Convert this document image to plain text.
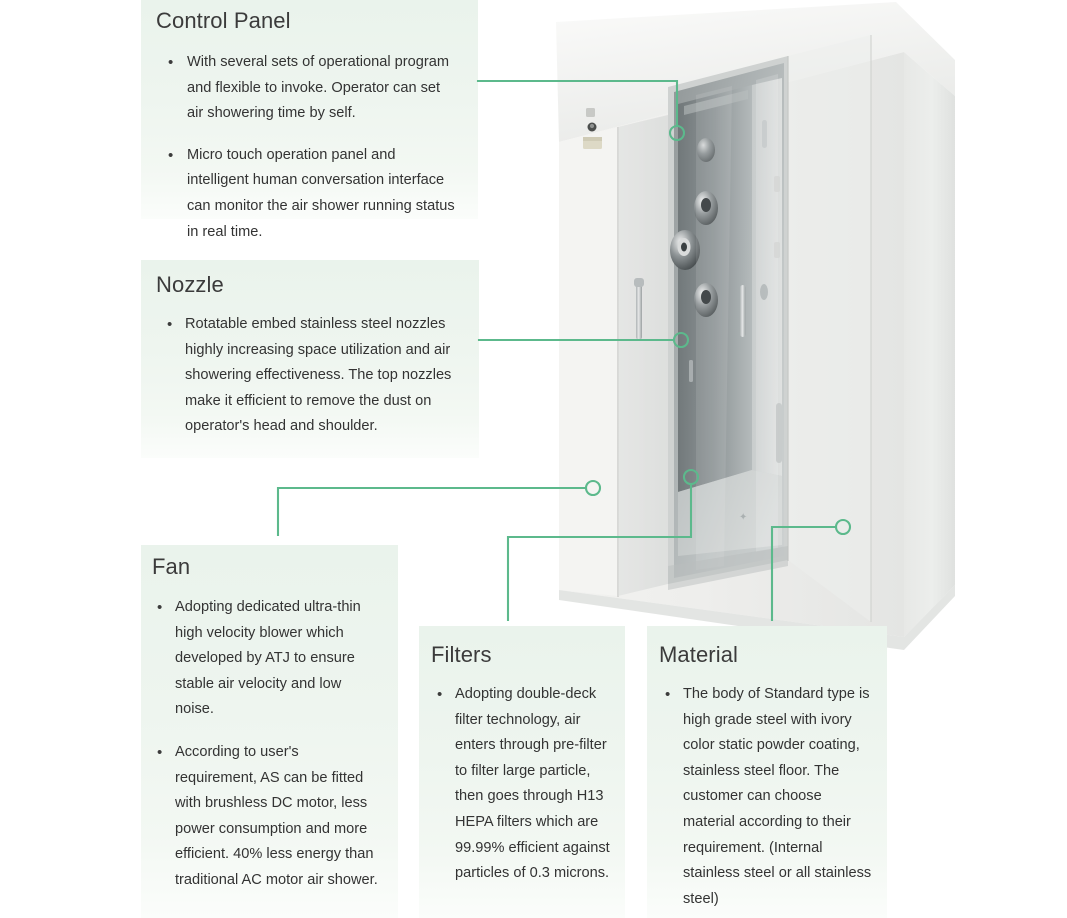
✦
Control Panel
• With several sets of operational program and flexible to invoke. Operator can set air showering time by self.
• Micro touch operation panel and intelligent human conversation interface can monitor the air shower running status in real time.
Nozzle
• Rotatable embed stainless steel nozzles highly increasing space utilization and air showering effectiveness. The top nozzles make it efficient to remove the dust on operator's head and shoulder.
Fan
• Adopting dedicated ultra-thin high velocity blower which developed by ATJ to ensure stable air velocity and low noise.
• According to user's requirement, AS can be fitted with brushless DC motor, less power consumption and more efficient. 40% less energy than traditional AC motor air shower.
Filters
• Adopting double-deck filter technology, air enters through pre-filter to filter large particle, then goes through H13 HEPA filters which are 99.99% efficient against particles of 0.3 microns.
Material
• The body of Standard type is high grade steel with ivory color static powder coating, stainless steel floor. The customer can choose material according to their requirement. (Internal stainless steel or all stainless steel)
